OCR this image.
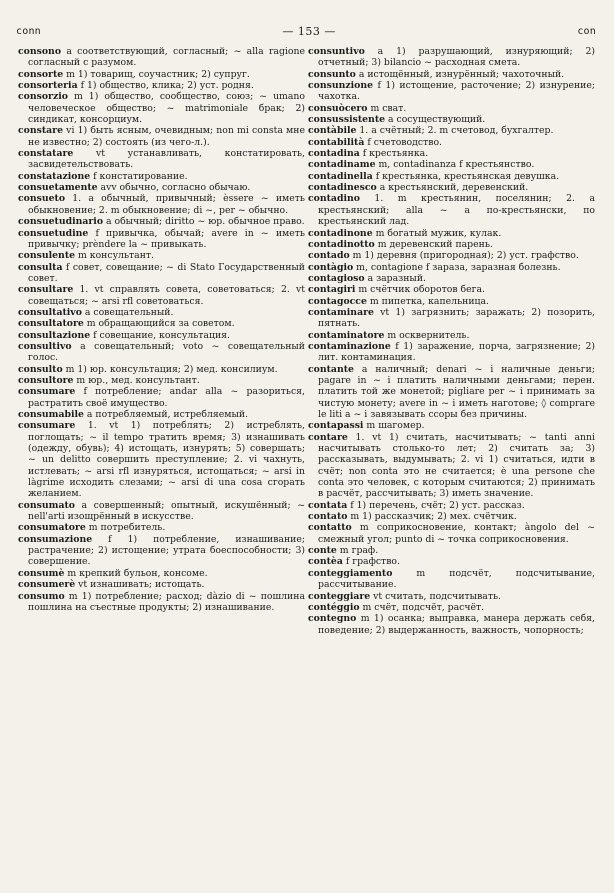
conn	— 153 —	con

consono a соответствующий, согласный; ~ alla ragione согласный с разумом.

consorte m 1) товарищ, соучастник; 2) супруг.

consorteria f 1) общество, клика; 2) уст. родня.

consorzio m 1) общество, сообщество, союз; ~ umano человеческое общество; ~ matrimoniale брак; 2) синдикат, консорциум.

constare vi 1) быть ясным, очевидным; non mi consta мне не известно; 2) состоять (из чего-л.).

constatare vt устанавливать, констатировать, засвидетельствовать.

constatazione f констатирование.

consuetamente avv обычно, согласно обычаю.

consueto 1. a обычный, привычный; èssere ~ иметь обыкновение; 2. m обыкновение; di ~, per ~ обычно.

consuetudinario a обычный; diritto ~ юр. обычное право.

consuetudine f привычка, обычай; avere in ~ иметь привычку; prèndere la ~ привыкать.

consulente m консультант.

consulta f совет, совещание; ~ di Stato Государственный совет.

consultare 1. vt справлять совета, советоваться; 2. vt совещаться; ~ arsi rfl советоваться.

consultativo a совещательный.

consultatore m обращающийся за советом.

consultazione f совещание, консультация.

consultivo a совещательный; voto ~ совещательный голос.

consulto m 1) юр. консультация; 2) мед. консилиум.

consultore m юр., мед. консультант.

consumare f потребление; andar alla ~ разориться, растратить своё имущество.

consumabile a потребляемый, истребляемый.

consumare 1. vt 1) потреблять; 2) истреблять, поглощать; ~ il tempo тратить время; 3) изнашивать (одежду, обувь); 4) истощать, изнурять; 5) совершать; ~ un delitto совершить преступление; 2. vi чахнуть, истлевать; ~ arsi rfl изнуряться, истощаться; ~ arsi in làgrime исходить слезами; ~ arsi di una cosa сгорать желанием.

consumato a совершенный; опытный, искушённый; ~ nell'arti изощрённый в искусстве.

consumatore m потребитель.

consumazione f 1) потребление, изнашивание; растрачение; 2) истощение; утрата боеспособности; 3) совершение.

consumè m крепкий бульон, консоме.

consumerè vt изнашивать; истощать.

consumo m 1) потребление; расход; dàzio di ~ пошлина пошлина на съестные продукты; 2) изнашивание.

consuntivo a 1) разрушающий, изнуряющий; 2) отчетный; 3) bilancio ~ расходная смета.

consunto a истощённый, изнурённый; чахоточный.

consunzione f 1) истощение, расточение; 2) изнурение; чахотка.

consuòcero m сват.

consussistente a сосуществующий.

contàbile 1. a счётный; 2. m счетовод, бухгалтер.

contabilità f счетоводство.

contadina f крестьянка.

contadiname m, contadinanza f крестьянство.

contadinella f крестьянка, крестьянская девушка.

contadinesco a крестьянский, деревенский.

contadino 1. m крестьянин, поселянин; 2. a крестьянский; alla ~ a по-крестьянски, по крестьянский лад.

contadinone m богатый мужик, кулак.

contadinotto m деревенский парень.

contado m 1) деревня (пригородная); 2) уст. графство.

contàgio m, contagione f зараза, заразная болезнь.

contagioso a заразный.

contagiri m счётчик оборотов бега.

contagocce m пипетка, капельница.

contaminare vt 1) загрязнить; заражать; 2) позорить, пятнать.

contaminatore m осквернитель.

contaminazione f 1) заражение, порча, загрязнение; 2) лит. контаминация.

contante a наличный; denari ~ i наличные деньги; pagare in ~ i платить наличными деньгами; перен. платить той же монетой; pigliare per ~ i принимать за чистую монету; avere in ~ i иметь наготове; ◊ comprare le liti a ~ i завязывать ссоры без причины.

contapassi m шагомер.

contare 1. vt 1) считать, насчитывать; ~ tanti anni насчитывать столько-то лет; 2) считать за; 3) рассказывать, выдумывать; 2. vi 1) считаться, идти в счёт; non conta это не считается; è una persone che conta это человек, с которым считаются; 2) принимать в расчёт, рассчитывать; 3) иметь значение.

contata f 1) перечень, счёт; 2) уст. рассказ.

contato m 1) рассказчик; 2) мех. счётчик.

contatto m соприкосновение, контакт; àngolo del ~ смежный угол; punto di ~ точка соприкосновения.

conte m граф.

contèa f графство.

conteggiamento m подсчёт, подсчитывание, рассчитывание.

conteggiare vt считать, подсчитывать.

contéggio m счёт, подсчёт, расчёт.

contegno m 1) осанка; выправка, манера держать себя, поведение; 2) выдержанность, важность, чопорность;
